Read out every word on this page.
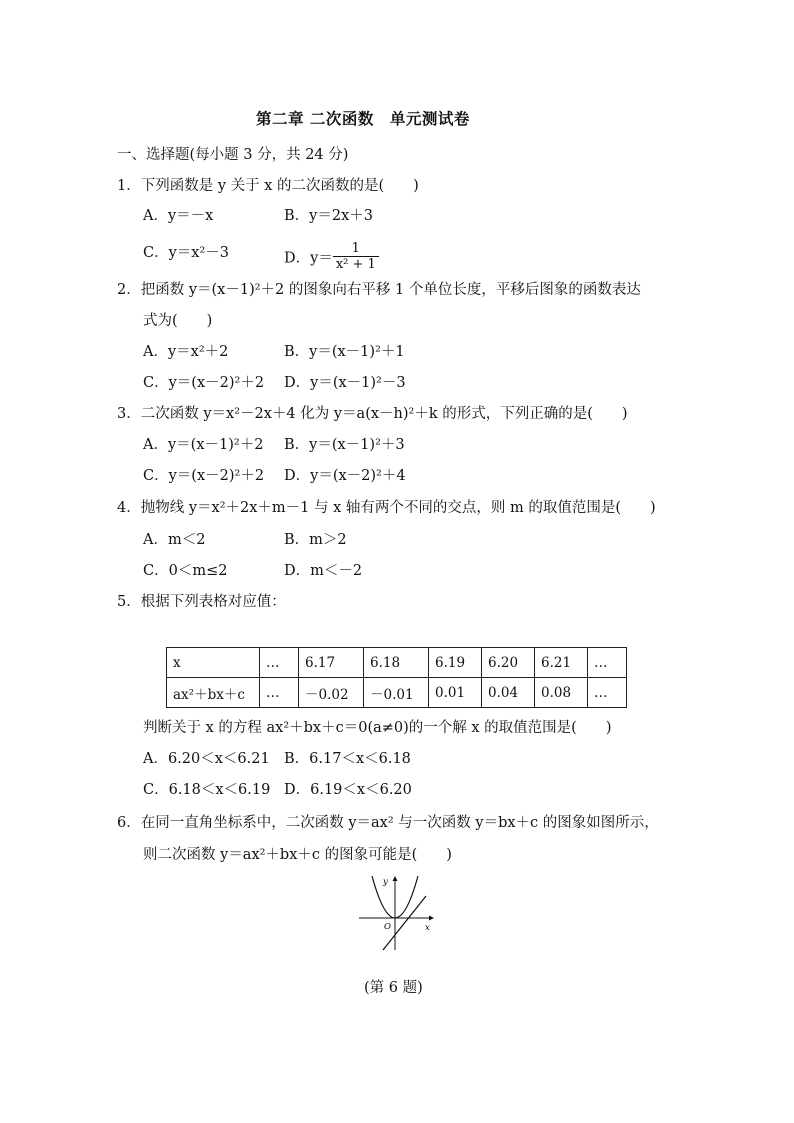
第二章 二次函数　单元测试卷
一、选择题(每小题 3 分，共 24 分)
1．下列函数是 y 关于 x 的二次函数的是(　　)
A．y＝－x	B．y＝2x＋3
C．y＝x²－3	D．$y= \frac{1}{\text{x² + 1}}$
2．把函数 y＝(x－1)²＋2 的图象向右平移 1 个单位长度，平移后图象的函数表达
式为(　　)
A．y＝x²＋2	B．y＝(x－1)²＋1
C．y＝(x－2)²＋2 D．y＝(x－1)²－3
3．二次函数 y＝x²－2x＋4 化为 y＝a(x－h)²＋k 的形式，下列正确的是(　　)
A．y＝(x－1)²＋2 B．y＝(x－1)²＋3
C．y＝(x－2)²＋2 D．y＝(x－2)²＋4
4．抛物线 y＝x²＋2x＋m－1 与 x 轴有两个不同的交点，则 m 的取值范围是(　　)
A．m＜2	B．m＞2
C．0＜m≤2	D．m＜－2
5．根据下列表格对应值：
x	…	6.17	6.18	6.19	6.20	6.21	…
ax²＋bx＋c	…	－0.02	－0.01	0.01	0.04	0.08	…
判断关于 x 的方程 ax²＋bx＋c＝0(a≠0)的一个解 x 的取值范围是(　　)
A．6.20＜x＜6.21 B．6.17＜x＜6.18
C．6.18＜x＜6.19 D．6.19＜x＜6.20
6．在同一直角坐标系中，二次函数 y＝ax² 与一次函数 y＝bx＋c 的图象如图所示，
则二次函数 y＝ax²＋bx＋c 的图象可能是(　　)
y
x
O
(第 6 题)
